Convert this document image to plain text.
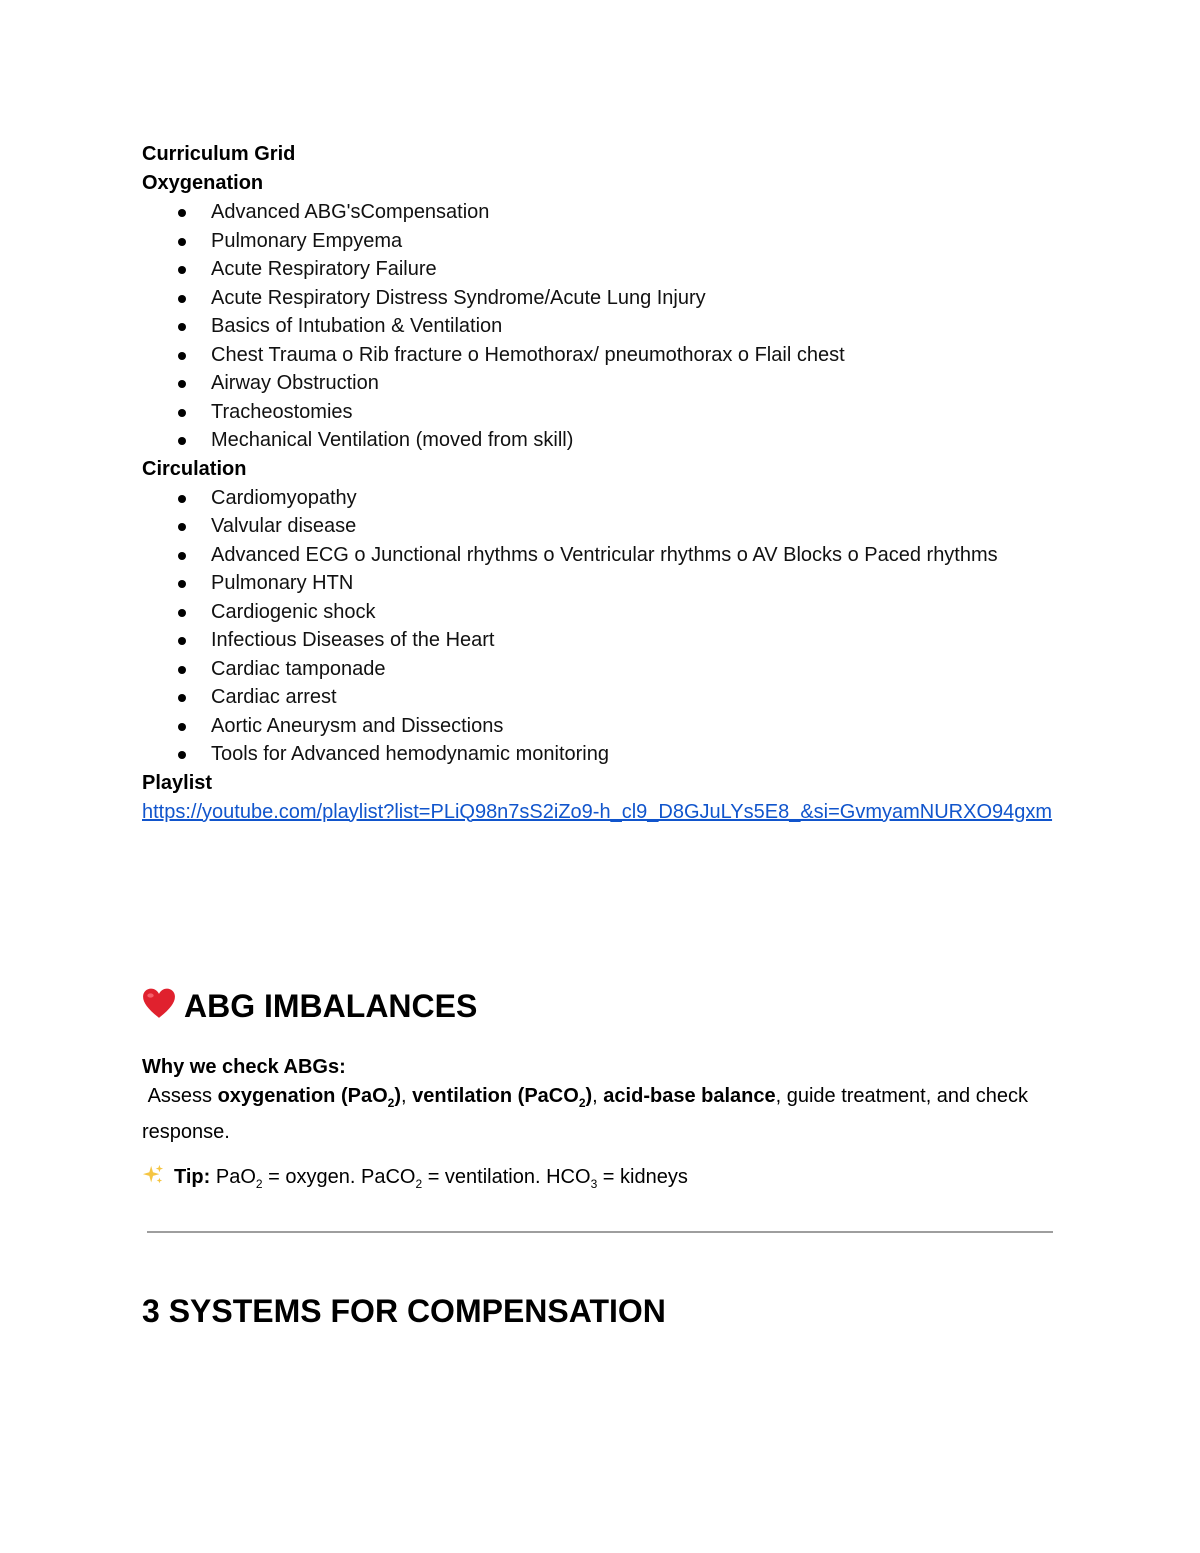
Curriculum Grid
Oxygenation
Advanced ABG'sCompensation
Pulmonary Empyema
Acute Respiratory Failure
Acute Respiratory Distress Syndrome/Acute Lung Injury
Basics of Intubation & Ventilation
Chest Trauma o Rib fracture o Hemothorax/ pneumothorax o Flail chest
Airway Obstruction
Tracheostomies
Mechanical Ventilation (moved from skill)
Circulation
Cardiomyopathy
Valvular disease
Advanced ECG o Junctional rhythms o Ventricular rhythms o AV Blocks o Paced rhythms
Pulmonary HTN
Cardiogenic shock
Infectious Diseases of the Heart
Cardiac tamponade
Cardiac arrest
Aortic Aneurysm and Dissections
Tools for Advanced hemodynamic monitoring
Playlist
https://youtube.com/playlist?list=PLiQ98n7sS2iZo9-h_cl9_D8GJuLYs5E8_&si=GvmyamNURXO94gxm
ABG IMBALANCES
Why we check ABGs:
Assess oxygenation (PaO$_2$), ventilation (PaCO$_2$), acid-base balance, guide treatment, and check response.
Tip: PaO$_2$ = oxygen. PaCO$_2$ = ventilation. $HCO_3$ = kidneys
3 SYSTEMS FOR COMPENSATION
